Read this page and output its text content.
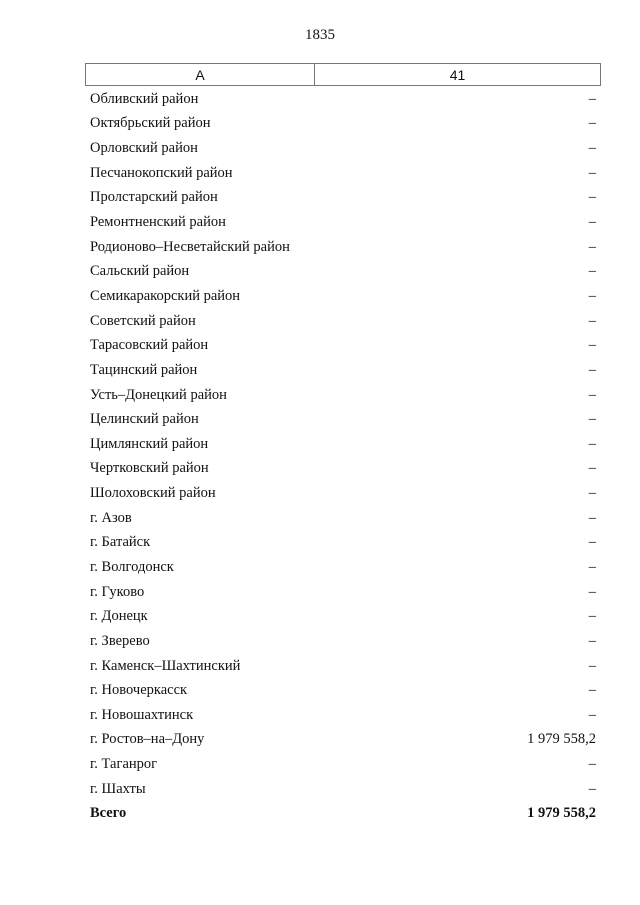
1835
А	41
Обливский район	–
Октябрьский район	–
Орловский район	–
Песчанокопский район	–
Пролстарский район	–
Ремонтненский район	–
Родионово–Несветайский район	–
Сальский район	–
Семикаракорский район	–
Советский район	–
Тарасовский район	–
Тацинский район	–
Усть–Донецкий район	–
Целинский район	–
Цимлянский район	–
Чертковский район	–
Шолоховский район	–
г. Азов	–
г. Батайск	–
г. Волгодонск	–
г. Гуково	–
г. Донецк	–
г. Зверево	–
г. Каменск–Шахтинский	–
г. Новочеркасск	–
г. Новошахтинск	–
г. Ростов–на–Дону	1 979 558,2
г. Таганрог	–
г. Шахты	–
Всего	1 979 558,2
